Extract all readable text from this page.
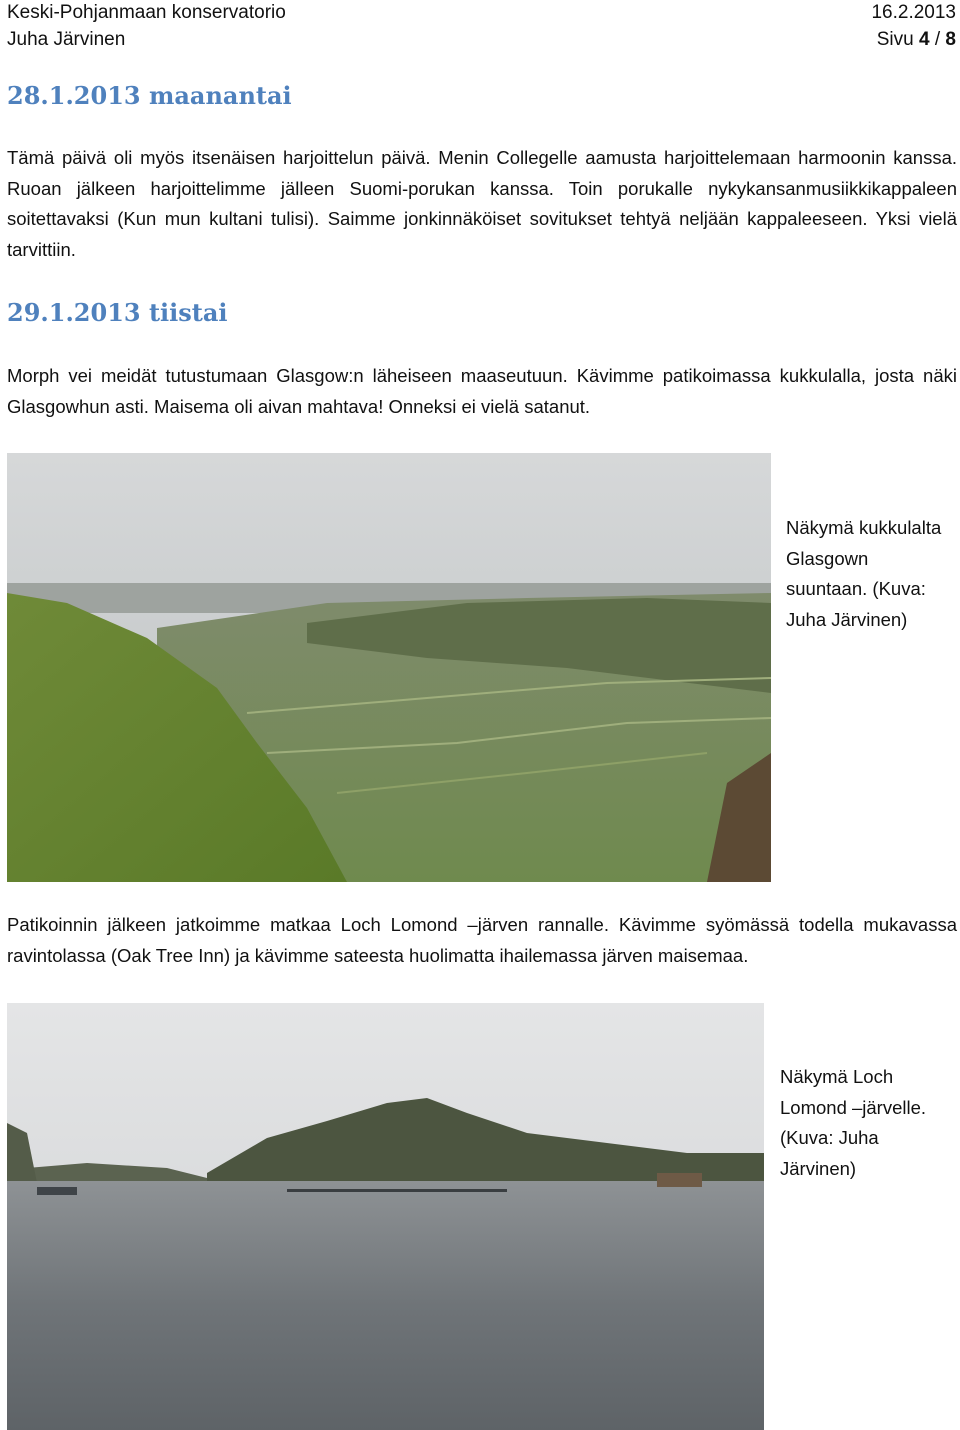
Keski-Pohjanmaan konservatorio	16.2.2013
Juha Järvinen	Sivu 4 / 8
28.1.2013 maanantai

Tämä päivä oli myös itsenäisen harjoittelun päivä. Menin Collegelle aamusta harjoittelemaan harmoonin kanssa. Ruoan jälkeen harjoittelimme jälleen Suomi-porukan kanssa. Toin porukalle nykykansanmusiikkikappaleen soitettavaksi (Kun mun kultani tulisi). Saimme jonkinnäköiset sovitukset tehtyä neljään kappaleeseen. Yksi vielä tarvittiin.

29.1.2013 tiistai

Morph vei meidät tutustumaan Glasgow:n läheiseen maaseutuun. Kävimme patikoimassa kukkulalla, josta näki Glasgowhun asti. Maisema oli aivan mahtava! Onneksi ei vielä satanut.

Näkymä kukkulalta
Glasgown
suuntaan. (Kuva:
Juha Järvinen)

Patikoinnin jälkeen jatkoimme matkaa Loch Lomond –järven rannalle. Kävimme syömässä todella mukavassa ravintolassa (Oak Tree Inn) ja kävimme sateesta huolimatta ihailemassa järven maisemaa.

Näkymä Loch
Lomond –järvelle.
(Kuva: Juha
Järvinen)
